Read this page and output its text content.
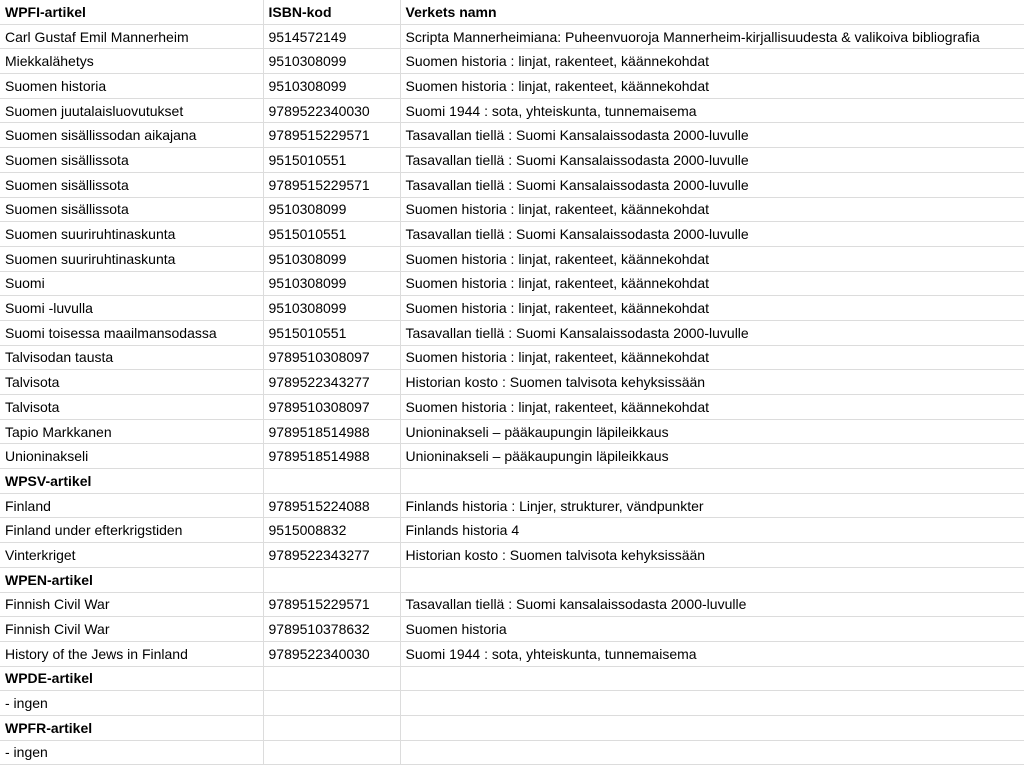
WPFI-artikel	ISBN-kod	Verkets namn
Carl Gustaf Emil Mannerheim	9514572149	Scripta Mannerheimiana: Puheenvuoroja Mannerheim-kirjallisuudesta & valikoiva bibliografia
Miekkalähetys	9510308099	Suomen historia : linjat, rakenteet, käännekohdat
Suomen historia	9510308099	Suomen historia : linjat, rakenteet, käännekohdat
Suomen juutalaisluovutukset	9789522340030	Suomi 1944 : sota, yhteiskunta, tunnemaisema
Suomen sisällissodan aikajana	9789515229571	Tasavallan tiellä : Suomi Kansalaissodasta 2000-luvulle
Suomen sisällissota	9515010551	Tasavallan tiellä : Suomi Kansalaissodasta 2000-luvulle
Suomen sisällissota	9789515229571	Tasavallan tiellä : Suomi Kansalaissodasta 2000-luvulle
Suomen sisällissota	9510308099	Suomen historia : linjat, rakenteet, käännekohdat
Suomen suuriruhtinaskunta	9515010551	Tasavallan tiellä : Suomi Kansalaissodasta 2000-luvulle
Suomen suuriruhtinaskunta	9510308099	Suomen historia : linjat, rakenteet, käännekohdat
Suomi	9510308099	Suomen historia : linjat, rakenteet, käännekohdat
Suomi -luvulla	9510308099	Suomen historia : linjat, rakenteet, käännekohdat
Suomi toisessa maailmansodassa	9515010551	Tasavallan tiellä : Suomi Kansalaissodasta 2000-luvulle
Talvisodan tausta	9789510308097	Suomen historia : linjat, rakenteet, käännekohdat
Talvisota	9789522343277	Historian kosto : Suomen talvisota kehyksissään
Talvisota	9789510308097	Suomen historia : linjat, rakenteet, käännekohdat
Tapio Markkanen	9789518514988	Unioninakseli – pääkaupungin läpileikkaus
Unioninakseli	9789518514988	Unioninakseli – pääkaupungin läpileikkaus
WPSV-artikel		
Finland	9789515224088	Finlands historia : Linjer, strukturer, vändpunkter
Finland under efterkrigstiden	9515008832	Finlands historia 4
Vinterkriget	9789522343277	Historian kosto : Suomen talvisota kehyksissään
WPEN-artikel		
Finnish Civil War	9789515229571	Tasavallan tiellä : Suomi kansalaissodasta 2000-luvulle
Finnish Civil War	9789510378632	Suomen historia
History of the Jews in Finland	9789522340030	Suomi 1944 : sota, yhteiskunta, tunnemaisema
WPDE-artikel		
- ingen		
WPFR-artikel		
- ingen		
